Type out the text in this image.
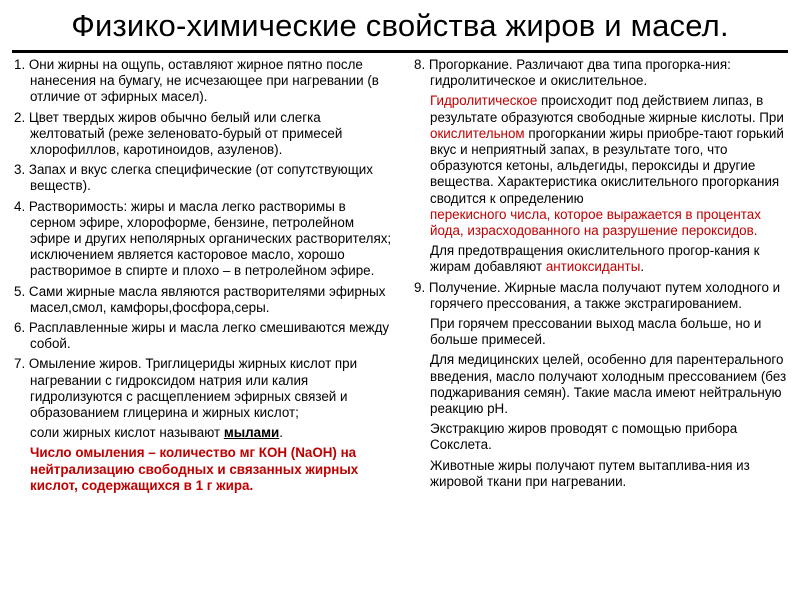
Физико-химические свойства жиров и масел.
1. Они жирны на ощупь, оставляют жирное пятно после нанесения на бумагу, не исчезающее при нагревании (в отличие от эфирных масел).
2. Цвет твердых жиров обычно белый или слегка желтоватый (реже зеленовато-бурый от примесей хлорофиллов, каротиноидов, азуленов).
3. Запах и вкус слегка специфические (от сопутствующих веществ).
4. Растворимость: жиры и масла легко растворимы в серном эфире, хлороформе, бензине, петролейном эфире и других неполярных органических растворителях; исключением является касторовое масло, хорошо растворимое в спирте и плохо – в петролейном эфире.
5. Сами жирные масла являются растворителями эфирных масел,смол, камфоры,фосфора,серы.
6. Расплавленные жиры и масла легко смешиваются между собой.
7. Омыление жиров. Триглицериды жирных кислот при нагревании с гидроксидом натрия или калия гидролизуются с расщеплением эфирных связей и образованием глицерина и жирных кислот;
соли жирных кислот называют мылами.
Число омыления – количество мг КОН (NaOH) на нейтрализацию свободных и связанных жирных кислот, содержащихся в 1 г жира.
8. Прогоркание. Различают два типа прогорка-ния: гидролитическое и окислительное.
Гидролитическое происходит под действием липаз, в результате образуются свободные жирные кислоты. При
окислительном прогоркании жиры приобре-тают горький вкус и неприятный запах, в результате того, что образуются кетоны, альдегиды, пероксиды и другие вещества. Характеристика окислительного прогоркания сводится к определению
перекисного числа, которое выражается в процентах йода, израсходованного на разрушение пероксидов.
Для предотвращения окислительного прогор-кания к жирам добавляют антиоксиданты.
9. Получение. Жирные масла получают путем холодного и горячего прессования, а также экстрагированием.
При горячем прессовании выход масла больше, но и больше примесей.
Для медицинских целей, особенно для парентерального введения, масло получают холодным прессованием (без поджаривания семян). Такие масла имеют нейтральную реакцию рН.
Экстракцию жиров проводят с помощью прибора Сокслета.
Животные жиры получают путем вытаплива-ния из жировой ткани при нагревании.
